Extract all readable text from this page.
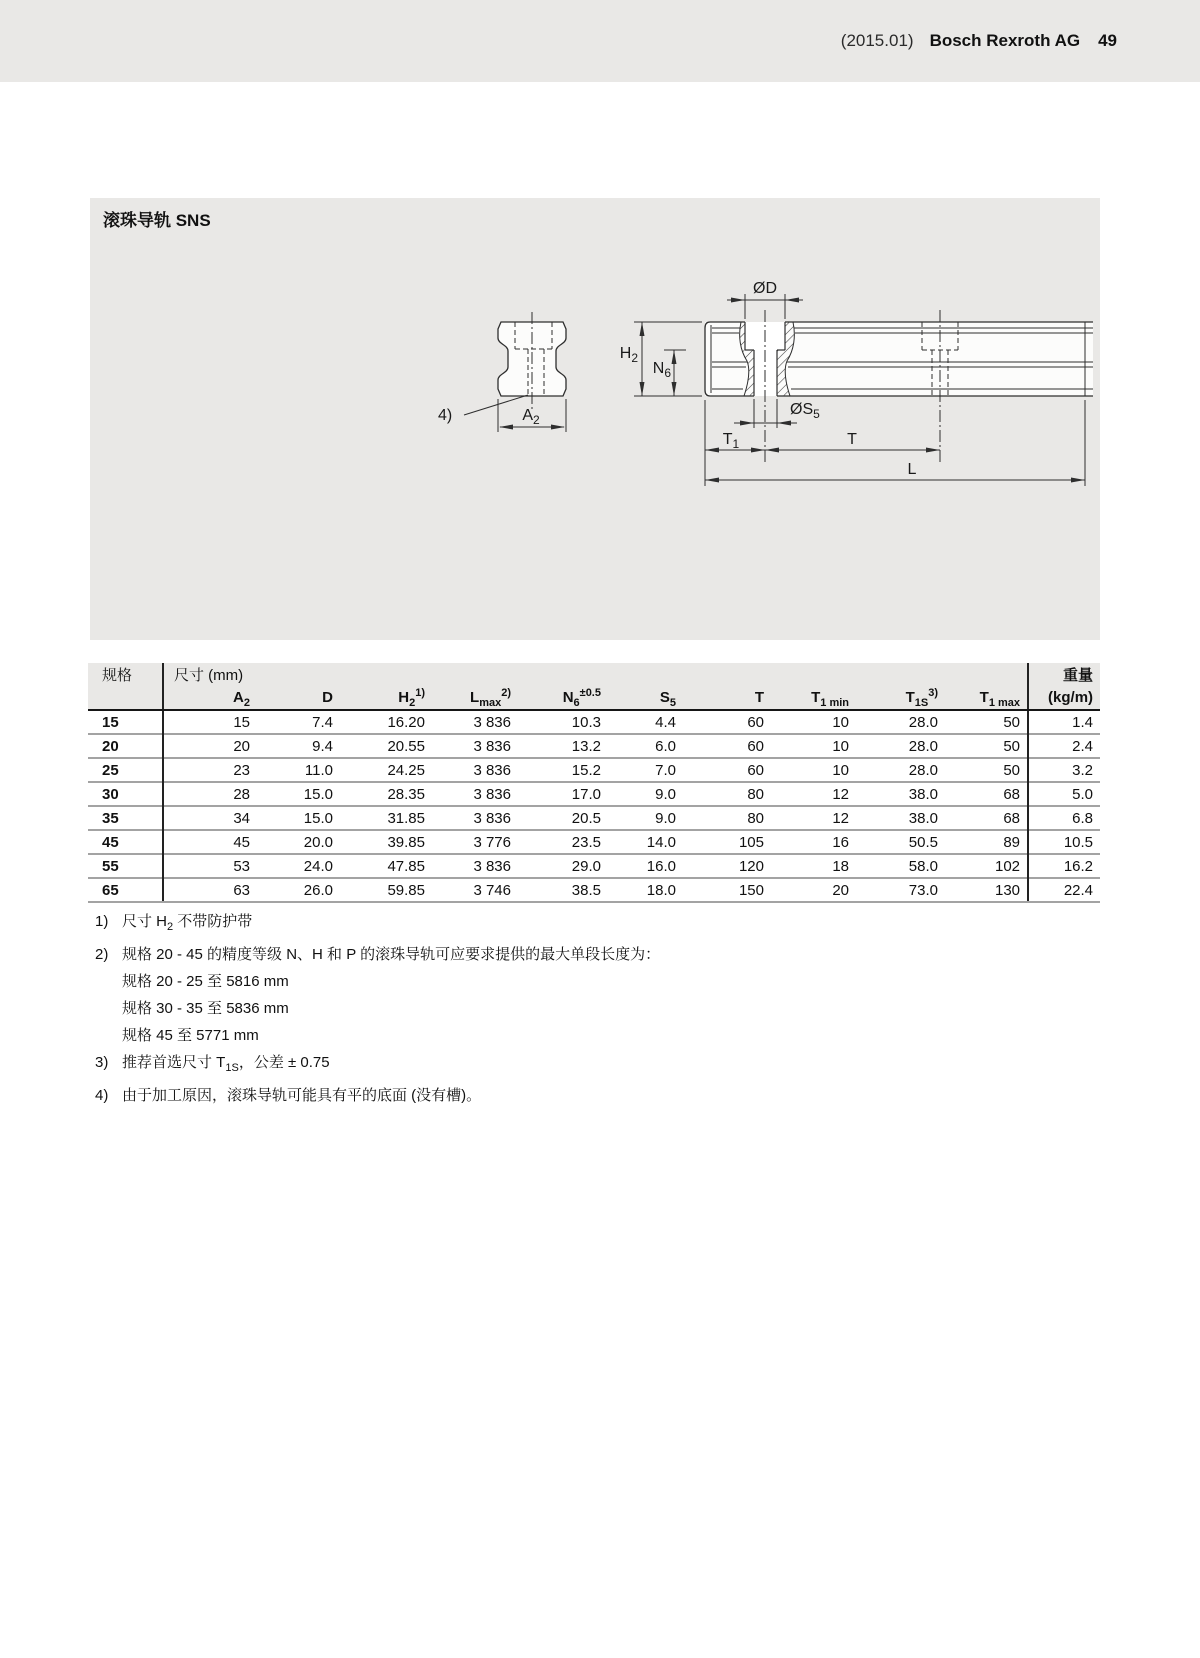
(2015.01) Bosch Rexroth AG 49
滚珠导轨 SNS
$A_2$
4)
ØD
$H_2$
$N_6$
$ØS_5$
$T_1$	T
L
规格	尺寸 (mm)										重量
	$A_2$	D	$H_2^{1)}$	$L_{max}^{2)}$	$N_6^{\pm 0.5}$	$S_5$	T	$T_{1 min}$	$T_{1S}^{3)}$	$T_{1 max}$	(kg/m)
15	15	7.4	16.20	3 836	10.3	4.4	60	10	28.0	50	1.4
20	20	9.4	20.55	3 836	13.2	6.0	60	10	28.0	50	2.4
25	23	11.0	24.25	3 836	15.2	7.0	60	10	28.0	50	3.2
30	28	15.0	28.35	3 836	17.0	9.0	80	12	38.0	68	5.0
35	34	15.0	31.85	3 836	20.5	9.0	80	12	38.0	68	6.8
45	45	20.0	39.85	3 776	23.5	14.0	105	16	50.5	89	10.5
55	53	24.0	47.85	3 836	29.0	16.0	120	18	58.0	102	16.2
65	63	26.0	59.85	3 746	38.5	18.0	150	20	73.0	130	22.4
1) 尺寸 $H_2$ 不带防护带
2) 规格 20 - 45 的精度等级 N、H 和 P 的滚珠导轨可应要求提供的最大单段长度为：
规格 20 - 25 至 5816 mm
规格 30 - 35 至 5836 mm
规格 45 至 5771 mm
3) 推荐首选尺寸 $T_{1S}$，公差 ± 0.75
4) 由于加工原因，滚珠导轨可能具有平的底面 (没有槽)。
